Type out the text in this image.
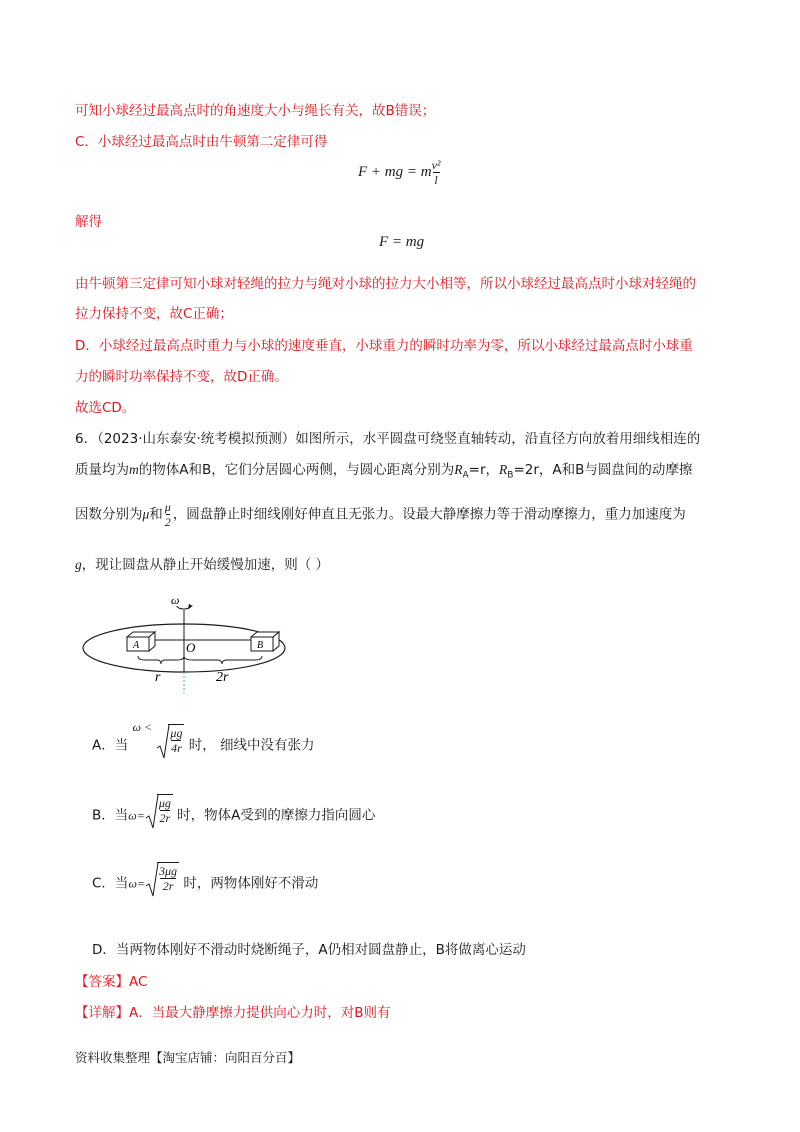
可知小球经过最高点时的角速度大小与绳长有关，故B错误；
C．小球经过最高点时由牛顿第二定律可得
F + mg = m $\frac{\text{v²}}{l}$
解得
F = mg
由牛顿第三定律可知小球对轻绳的拉力与绳对小球的拉力大小相等，所以小球经过最高点时小球对轻绳的
拉力保持不变，故C正确；
D．小球经过最高点时重力与小球的速度垂直，小球重力的瞬时功率为零，所以小球经过最高点时小球重
力的瞬时功率保持不变，故D正确。
故选CD。
6．（2023·山东泰安·统考模拟预测）如图所示，水平圆盘可绕竖直轴转动，沿直径方向放着用细线相连的
质量均为m的物体A和B，它们分居圆心两侧，与圆心距离分别为$R_A=r$，$R_B=2r$，A和B与圆盘间的动摩擦
因数分别为μ和 $\frac{\mu}{2}$ ，圆盘静止时细线刚好伸直且无张力。设最大静摩擦力等于滑动摩擦力，重力加速度为
g，现让圆盘从静止开始缓慢加速，则（ ）
ω
A	B
O
r	2r
A．当 $\omega < \frac{\mu g}{4r}$ 时， 细线中没有张力
B．当$\omega= \frac{\mu g}{2r}$ 时，物体A受到的摩擦力指向圆心
C．当$\omega= \frac{3\mu g}{2r}$ 时，两物体刚好不滑动
D．当两物体刚好不滑动时烧断绳子，A仍相对圆盘静止，B将做离心运动
【答案】AC
【详解】A．当最大静摩擦力提供向心力时，对B则有
资料收集整理【淘宝店铺：向阳百分百】
